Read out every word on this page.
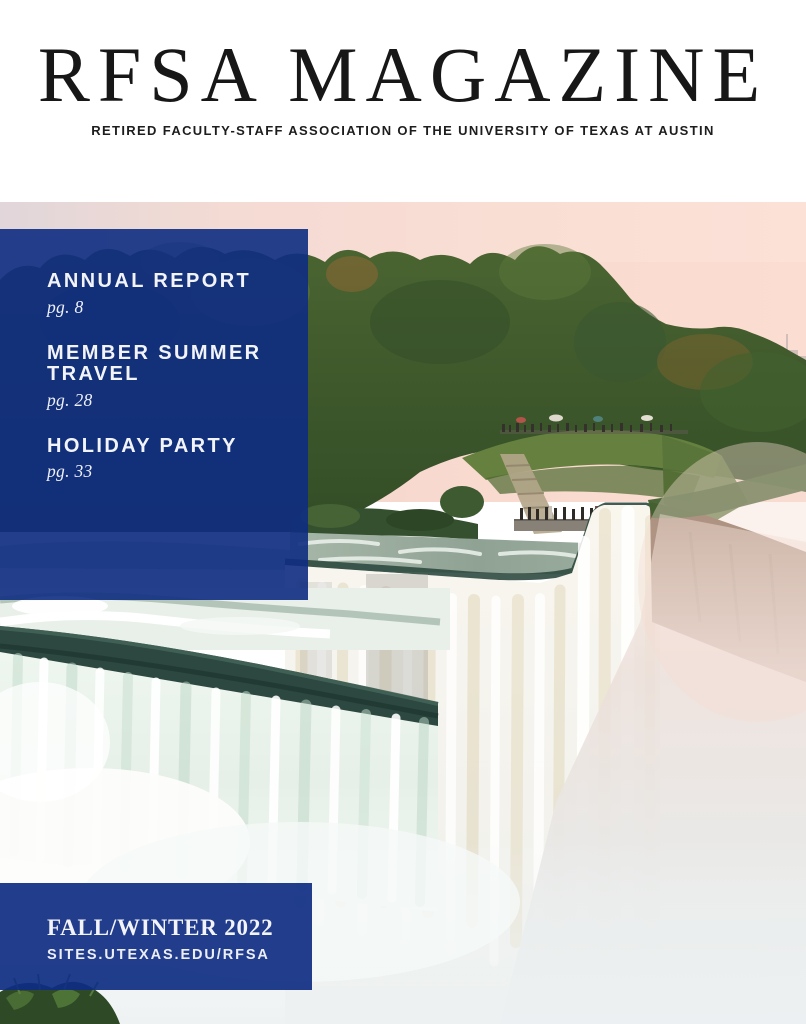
RFSA MAGAZINE
RETIRED FACULTY-STAFF ASSOCIATION OF THE UNIVERSITY OF TEXAS AT AUSTIN
ANNUAL REPORT
pg. 8
MEMBER SUMMER TRAVEL
pg. 28
HOLIDAY PARTY
pg. 33
FALL/WINTER 2022
SITES.UTEXAS.EDU/RFSA
